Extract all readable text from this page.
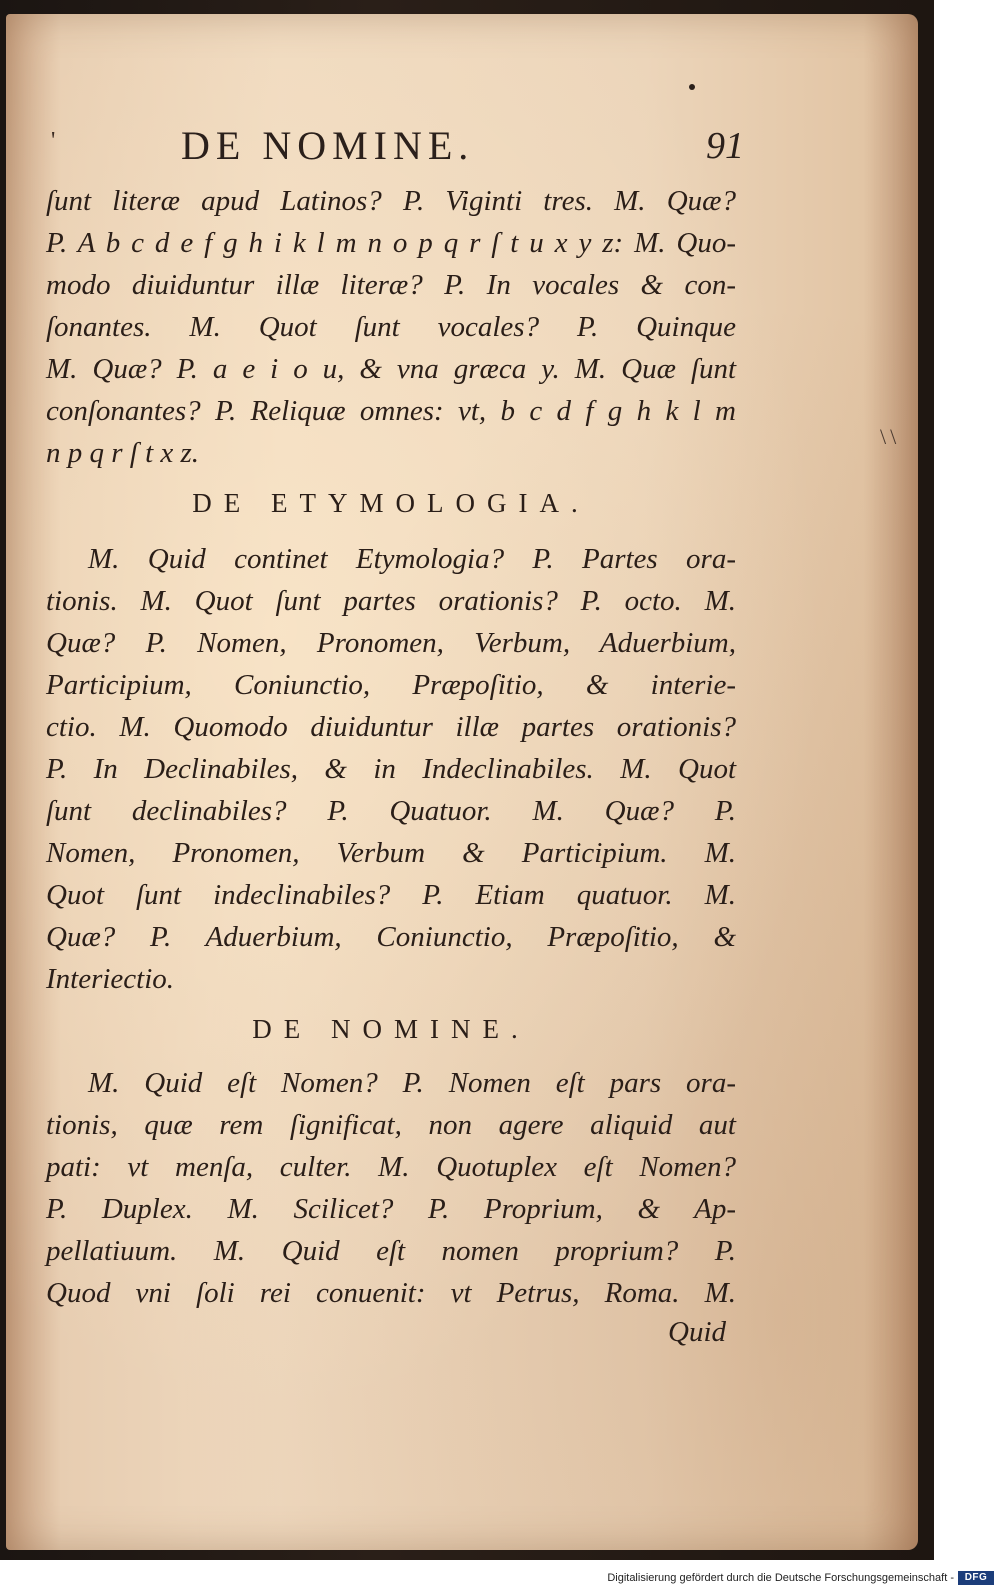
'	DE NOMINE.	91
ſunt literæ apud Latinos? P. Viginti tres. M. Quæ?
P. A b c d e f g h i k l m n o p q r ſ t u x y z: M. Quo-
modo diuiduntur illæ literæ? P. In vocales & con-
ſonantes. M. Quot ſunt vocales? P. Quinque
M. Quæ? P. a e i o u, & vna græca y. M. Quæ ſunt
conſonantes? P. Reliquæ omnes: vt, b c d f g h k l m
n p q r ſ t x z.
DE ETYMOLOGIA.
M. Quid continet Etymologia? P. Partes ora-
tionis. M. Quot ſunt partes orationis? P. octo. M.
Quæ? P. Nomen, Pronomen, Verbum, Aduerbium,
Participium, Coniunctio, Præpoſitio, & interie-
ctio. M. Quomodo diuiduntur illæ partes orationis?
P. In Declinabiles, & in Indeclinabiles. M. Quot
ſunt declinabiles? P. Quatuor. M. Quæ? P.
Nomen, Pronomen, Verbum & Participium. M.
Quot ſunt indeclinabiles? P. Etiam quatuor. M.
Quæ? P. Aduerbium, Coniunctio, Præpoſitio, &
Interiectio.
DE NOMINE.
M. Quid eſt Nomen? P. Nomen eſt pars ora-
tionis, quæ rem ſignificat, non agere aliquid aut
pati: vt menſa, culter. M. Quotuplex eſt Nomen?
P. Duplex. M. Scilicet? P. Proprium, & Ap-
pellatiuum. M. Quid eſt nomen proprium? P.
Quod vni ſoli rei conuenit: vt Petrus, Roma. M.
Quid
\\
Digitalisierung gefördert durch die Deutsche Forschungsgemeinschaft -	DFG
